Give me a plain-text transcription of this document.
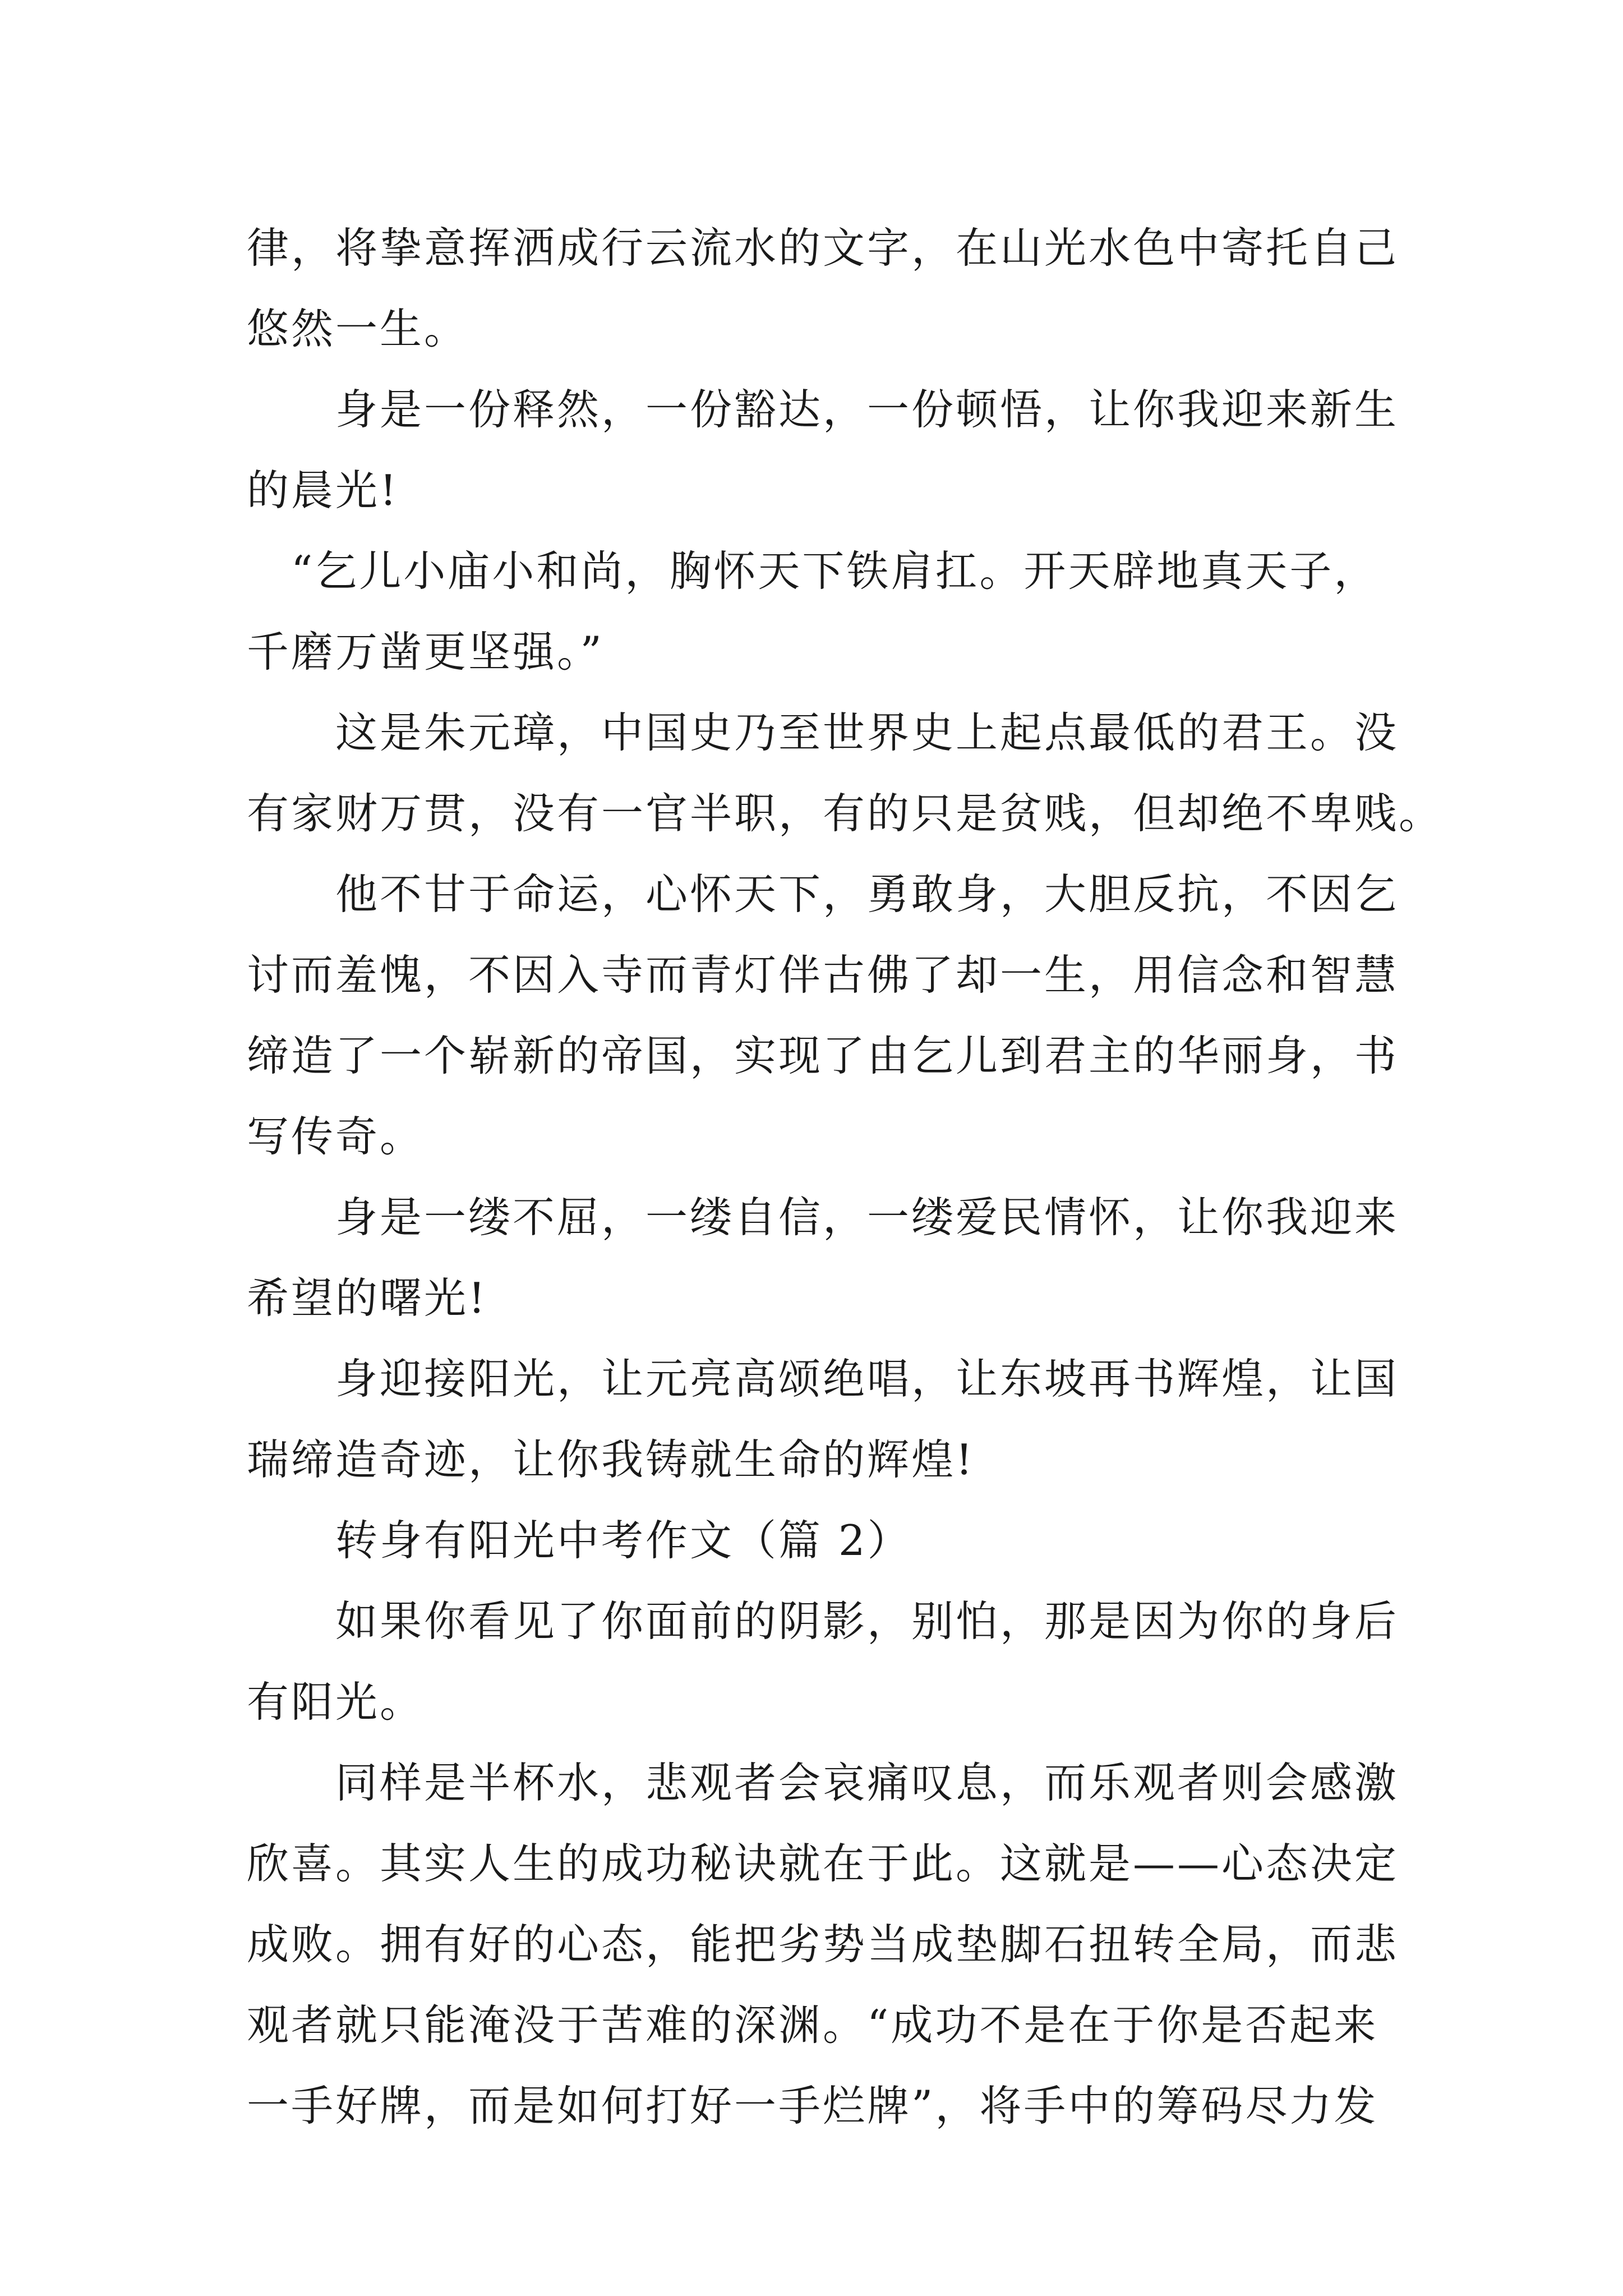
律，将挚意挥洒成行云流水的文字，在山光水色中寄托自己
悠然一生。
　　身是一份释然，一份豁达，一份顿悟，让你我迎来新生
的晨光!
　“乞儿小庙小和尚，胸怀天下铁肩扛。开天辟地真天子，
千磨万凿更坚强。”
　　这是朱元璋，中国史乃至世界史上起点最低的君王。没
有家财万贯，没有一官半职，有的只是贫贱，但却绝不卑贱。
　　他不甘于命运，心怀天下，勇敢身，大胆反抗，不因乞
讨而羞愧，不因入寺而青灯伴古佛了却一生，用信念和智慧
缔造了一个崭新的帝国，实现了由乞儿到君主的华丽身，书
写传奇。
　　身是一缕不屈，一缕自信，一缕爱民情怀，让你我迎来
希望的曙光!
　　身迎接阳光，让元亮高颂绝唱，让东坡再书辉煌，让国
瑞缔造奇迹，让你我铸就生命的辉煌!
　　转身有阳光中考作文（篇 2）
　　如果你看见了你面前的阴影，别怕，那是因为你的身后
有阳光。
　　同样是半杯水，悲观者会哀痛叹息，而乐观者则会感激
欣喜。其实人生的成功秘诀就在于此。这就是——心态决定
成败。拥有好的心态，能把劣势当成垫脚石扭转全局，而悲
观者就只能淹没于苦难的深渊。“成功不是在于你是否起来
一手好牌，而是如何打好一手烂牌”，将手中的筹码尽力发
